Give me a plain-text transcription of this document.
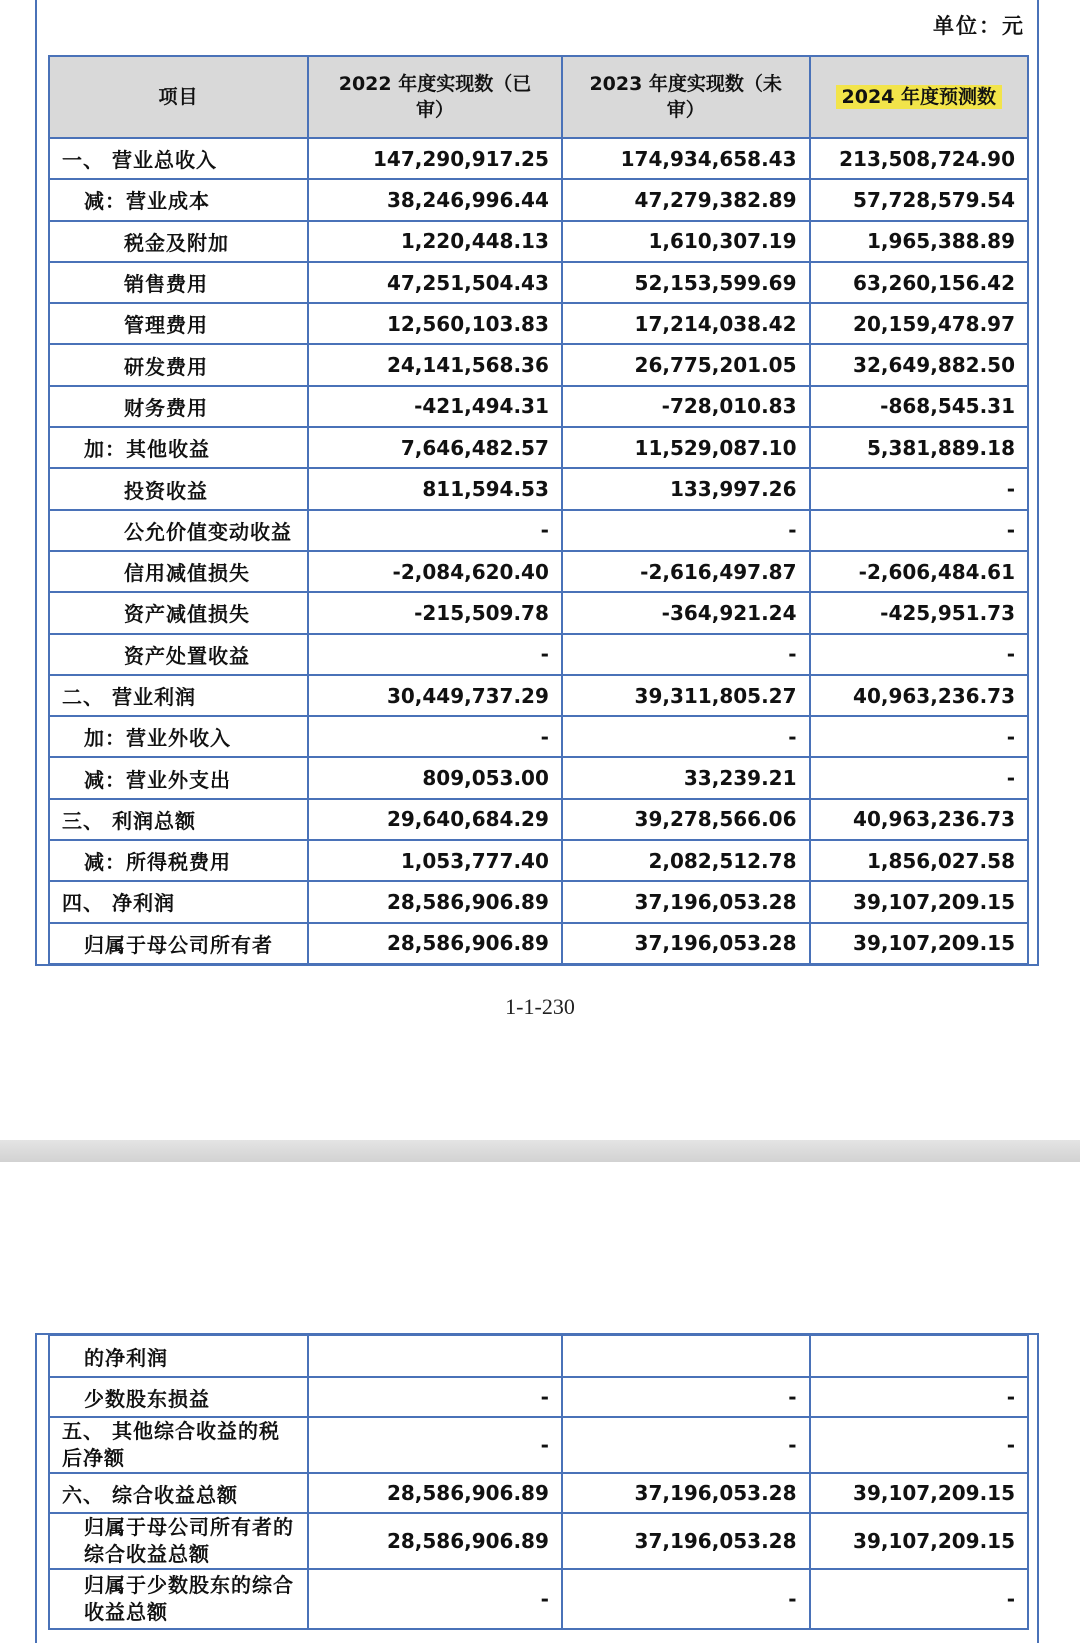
单位：元
项目	2022 年度实现数（已审）	2023 年度实现数（未审）	2024 年度预测数
一、 营业总收入	147,290,917.25	174,934,658.43	213,508,724.90
减：营业成本	38,246,996.44	47,279,382.89	57,728,579.54
税金及附加	1,220,448.13	1,610,307.19	1,965,388.89
销售费用	47,251,504.43	52,153,599.69	63,260,156.42
管理费用	12,560,103.83	17,214,038.42	20,159,478.97
研发费用	24,141,568.36	26,775,201.05	32,649,882.50
财务费用	-421,494.31	-728,010.83	-868,545.31
加：其他收益	7,646,482.57	11,529,087.10	5,381,889.18
投资收益	811,594.53	133,997.26	-
公允价值变动收益	-	-	-
信用减值损失	-2,084,620.40	-2,616,497.87	-2,606,484.61
资产减值损失	-215,509.78	-364,921.24	-425,951.73
资产处置收益	-	-	-
二、 营业利润	30,449,737.29	39,311,805.27	40,963,236.73
加：营业外收入	-	-	-
减：营业外支出	809,053.00	33,239.21	-
三、 利润总额	29,640,684.29	39,278,566.06	40,963,236.73
减：所得税费用	1,053,777.40	2,082,512.78	1,856,027.58
四、 净利润	28,586,906.89	37,196,053.28	39,107,209.15
归属于母公司所有者	28,586,906.89	37,196,053.28	39,107,209.15
1-1-230
的净利润			
少数股东损益	-	-	-
五、 其他综合收益的税后净额	-	-	-
六、 综合收益总额	28,586,906.89	37,196,053.28	39,107,209.15
归属于母公司所有者的综合收益总额	28,586,906.89	37,196,053.28	39,107,209.15
归属于少数股东的综合收益总额	-	-	-
